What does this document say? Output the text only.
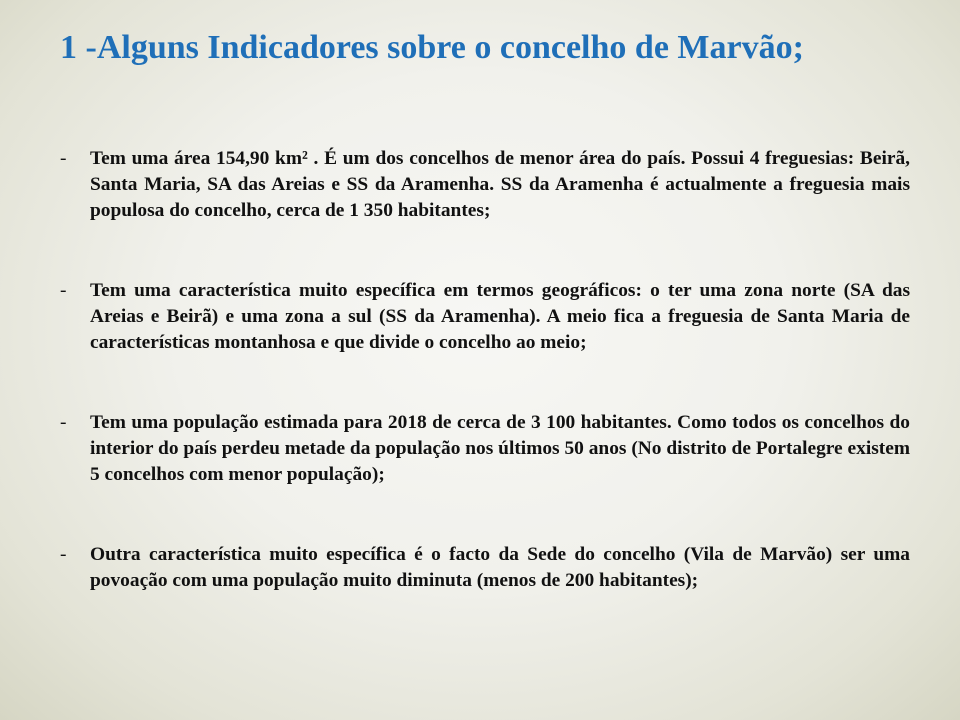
1 -Alguns Indicadores sobre o concelho de Marvão;
- Tem uma área 154,90 km² . É um dos concelhos de menor área do país. Possui 4 freguesias: Beirã, Santa Maria, SA das Areias e SS da Aramenha. SS da Aramenha é actualmente a freguesia mais populosa do concelho, cerca de 1 350 habitantes;
- Tem uma característica muito específica em termos geográficos: o ter uma zona norte (SA das Areias e Beirã) e uma zona a sul (SS da Aramenha). A meio fica a freguesia de Santa Maria de características montanhosa e que divide o concelho ao meio;
- Tem uma população estimada para 2018 de cerca de 3 100 habitantes. Como todos os concelhos do interior do país perdeu metade da população nos últimos 50 anos (No distrito de Portalegre existem 5 concelhos com menor população);
- Outra característica muito específica é o facto da Sede do concelho (Vila de Marvão) ser uma povoação com uma população muito diminuta (menos de 200 habitantes);
